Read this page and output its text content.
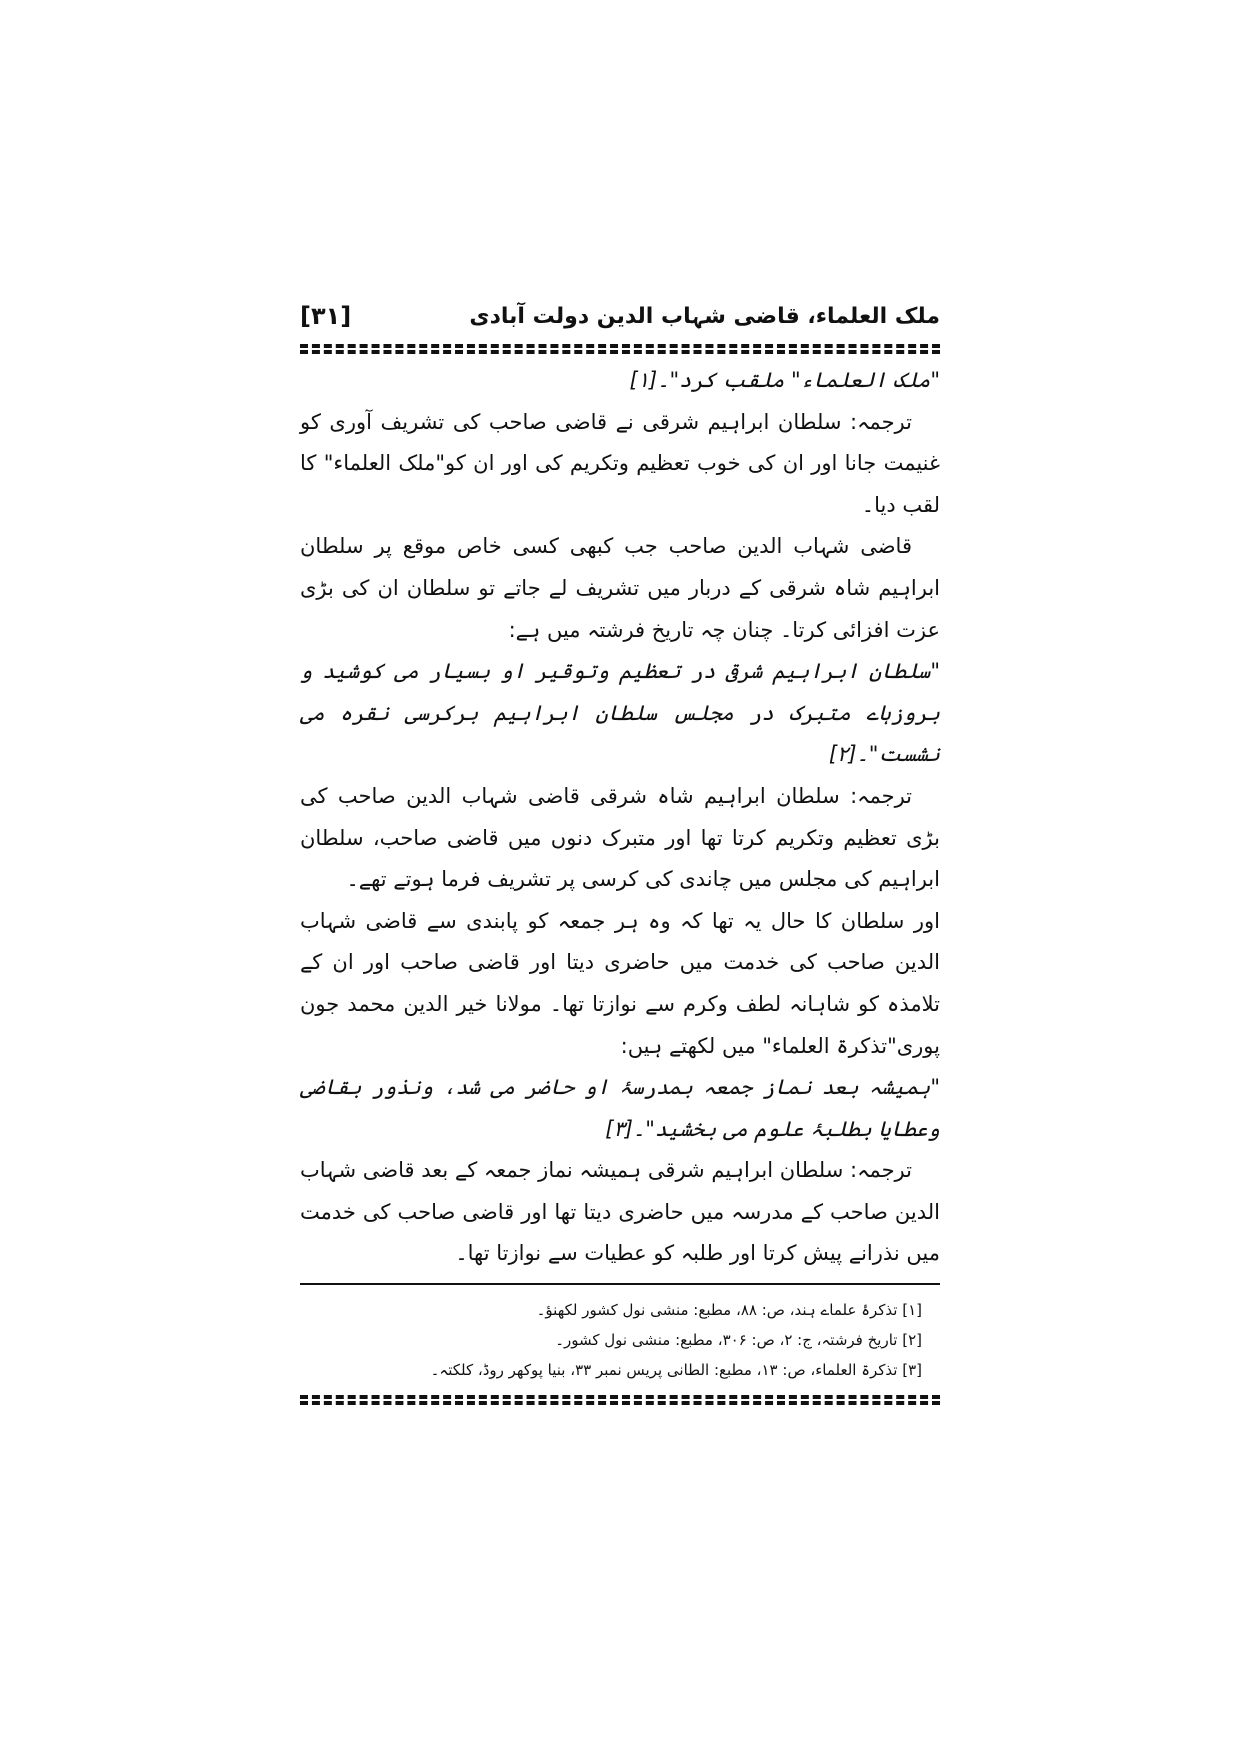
ملک العلماء، قاضی شہاب الدین دولت آبادی
[۳۱]

"ملک العلماء" ملقب کرد"۔[۱]

ترجمہ: سلطان ابراہیم شرقی نے قاضی صاحب کی تشریف آوری کو غنیمت جانا اور ان کی خوب تعظیم وتکریم کی اور ان کو"ملک العلماء" کا لقب دیا۔

قاضی شہاب الدین صاحب جب کبھی کسی خاص موقع پر سلطان ابراہیم شاہ شرقی کے دربار میں تشریف لے جاتے تو سلطان ان کی بڑی عزت افزائی کرتا۔ چنان چہ تاریخ فرشتہ میں ہے:

"سلطان ابراہیم شرقی در تعظیم وتوقیر او بسیار می کوشید و بروزہاے متبرک در مجلس سلطان ابراہیم برکرسی نقرہ می نشست"۔[۲]

ترجمہ: سلطان ابراہیم شاہ شرقی قاضی شہاب الدین صاحب کی بڑی تعظیم وتکریم کرتا تھا اور متبرک دنوں میں قاضی صاحب، سلطان ابراہیم کی مجلس میں چاندی کی کرسی پر تشریف فرما ہوتے تھے۔

اور سلطان کا حال یہ تھا کہ وہ ہر جمعہ کو پابندی سے قاضی شہاب الدین صاحب کی خدمت میں حاضری دیتا اور قاضی صاحب اور ان کے تلامذہ کو شاہانہ لطف وکرم سے نوازتا تھا۔ مولانا خیر الدین محمد جون پوری"تذکرۃ العلماء" میں لکھتے ہیں:

"ہمیشہ بعد نماز جمعہ بمدرسۂ او حاضر می شد، ونذور بقاضی وعطایا بطلبۂ علوم می بخشید"۔[۳]

ترجمہ: سلطان ابراہیم شرقی ہمیشہ نماز جمعہ کے بعد قاضی شہاب الدین صاحب کے مدرسہ میں حاضری دیتا تھا اور قاضی صاحب کی خدمت میں نذرانے پیش کرتا اور طلبہ کو عطیات سے نوازتا تھا۔

[۱] تذکرۂ علماے ہند، ص: ۸۸، مطبع: منشی نول کشور لکھنؤ۔
[۲] تاریخ فرشتہ، ج: ۲، ص: ۳۰۶، مطبع: منشی نول کشور۔
[۳] تذکرۃ العلماء، ص: ۱۳، مطبع: الطانی پریس نمبر ۳۳، بنیا پوکھر روڈ، کلکتہ۔
